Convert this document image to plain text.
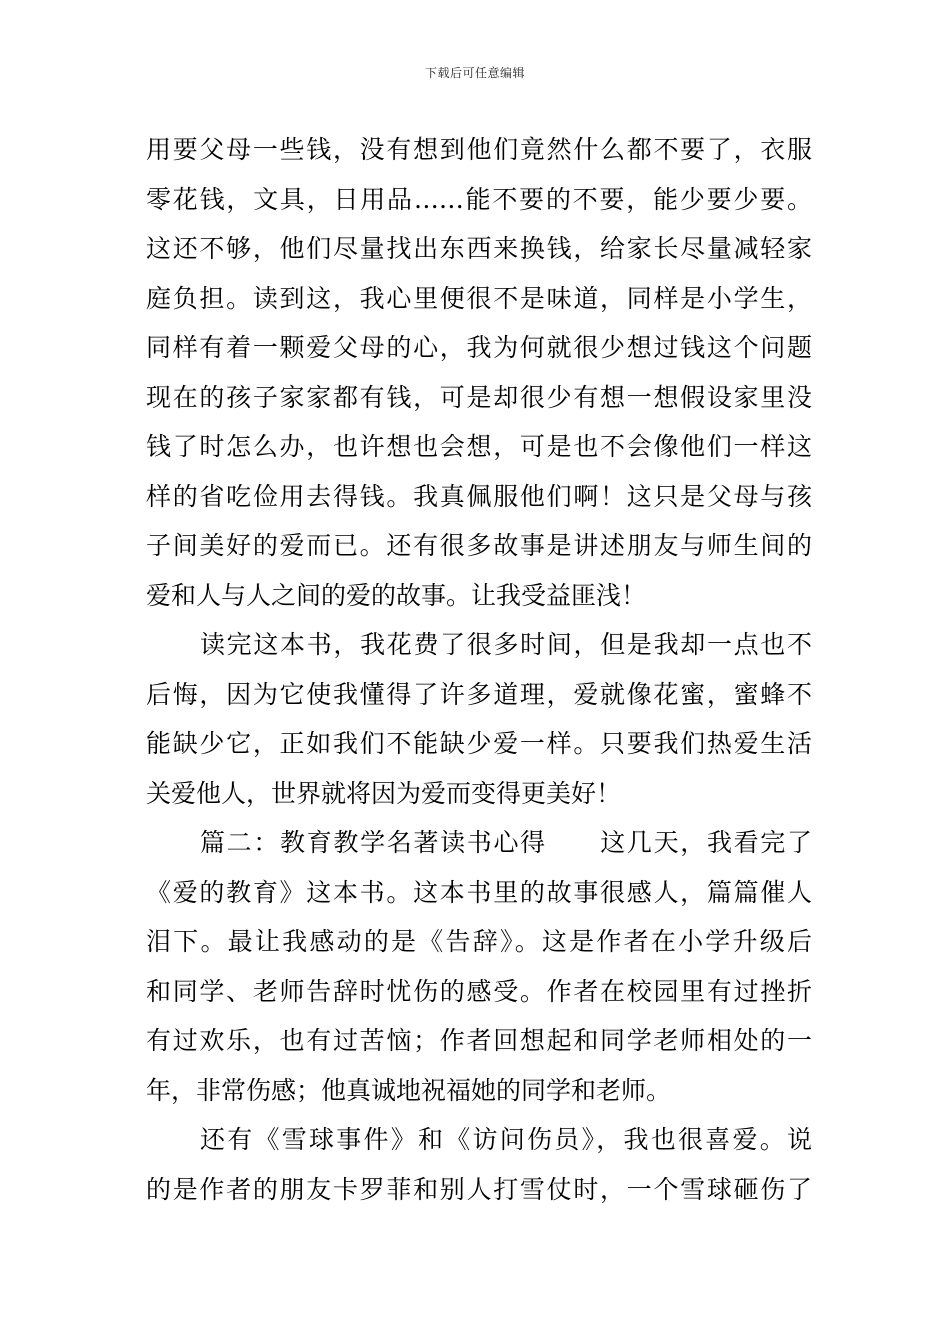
下载后可任意编辑
用要父母一些钱，没有想到他们竟然什么都不要了，衣服
零花钱，文具，日用品……能不要的不要，能少要少要。
这还不够，他们尽量找出东西来换钱，给家长尽量减轻家
庭负担。读到这，我心里便很不是味道，同样是小学生，
同样有着一颗爱父母的心，我为何就很少想过钱这个问题
现在的孩子家家都有钱，可是却很少有想一想假设家里没
钱了时怎么办，也许想也会想，可是也不会像他们一样这
样的省吃俭用去得钱。我真佩服他们啊！这只是父母与孩
子间美好的爱而已。还有很多故事是讲述朋友与师生间的
爱和人与人之间的爱的故事。让我受益匪浅！
读完这本书，我花费了很多时间，但是我却一点也不
后悔，因为它使我懂得了许多道理，爱就像花蜜，蜜蜂不
能缺少它，正如我们不能缺少爱一样。只要我们热爱生活
关爱他人，世界就将因为爱而变得更美好！
篇二：教育教学名著读书心得　　这几天，我看完了
《爱的教育》这本书。这本书里的故事很感人，篇篇催人
泪下。最让我感动的是《告辞》。这是作者在小学升级后
和同学、老师告辞时忧伤的感受。作者在校园里有过挫折
有过欢乐，也有过苦恼；作者回想起和同学老师相处的一
年，非常伤感；他真诚地祝福她的同学和老师。
还有《雪球事件》和《访问伤员》，我也很喜爱。说
的是作者的朋友卡罗菲和别人打雪仗时，一个雪球砸伤了
